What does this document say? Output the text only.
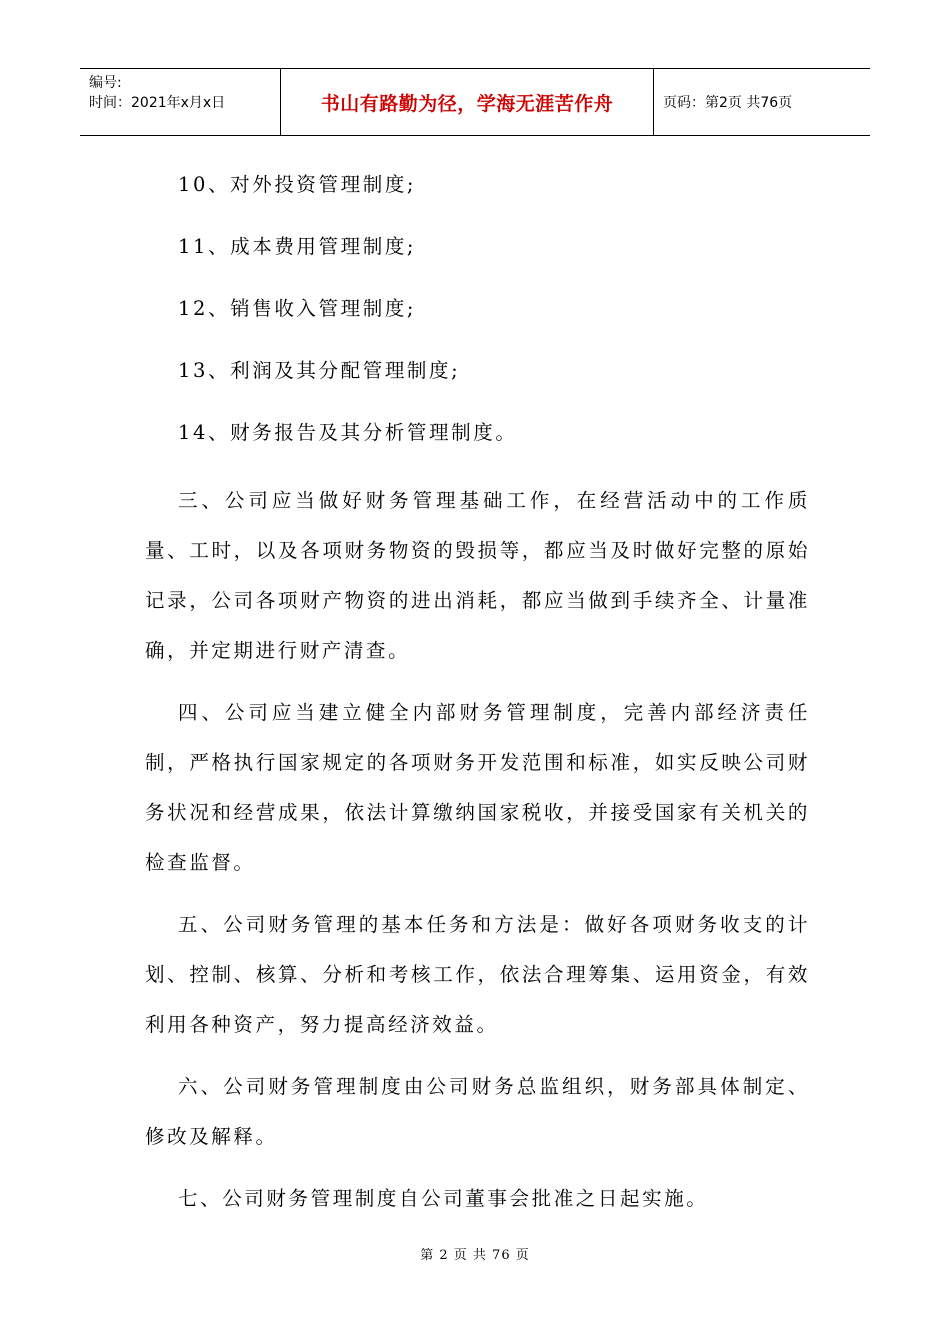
编号:
时间：2021年x月x日	书山有路勤为径，学海无涯苦作舟	页码：第2页 共76页
10、对外投资管理制度;
11、成本费用管理制度;
12、销售收入管理制度;
13、利润及其分配管理制度;
14、财务报告及其分析管理制度。

三、公司应当做好财务管理基础工作，在经营活动中的工作质量、工时，以及各项财务物资的毁损等，都应当及时做好完整的原始记录，公司各项财产物资的进出消耗，都应当做到手续齐全、计量准确，并定期进行财产清查。

四、公司应当建立健全内部财务管理制度，完善内部经济责任制，严格执行国家规定的各项财务开发范围和标准，如实反映公司财务状况和经营成果，依法计算缴纳国家税收，并接受国家有关机关的检查监督。

五、公司财务管理的基本任务和方法是：做好各项财务收支的计划、控制、核算、分析和考核工作，依法合理筹集、运用资金，有效利用各种资产，努力提高经济效益。

六、公司财务管理制度由公司财务总监组织，财务部具体制定、修改及解释。

七、公司财务管理制度自公司董事会批准之日起实施。

第 2 页 共 76 页
